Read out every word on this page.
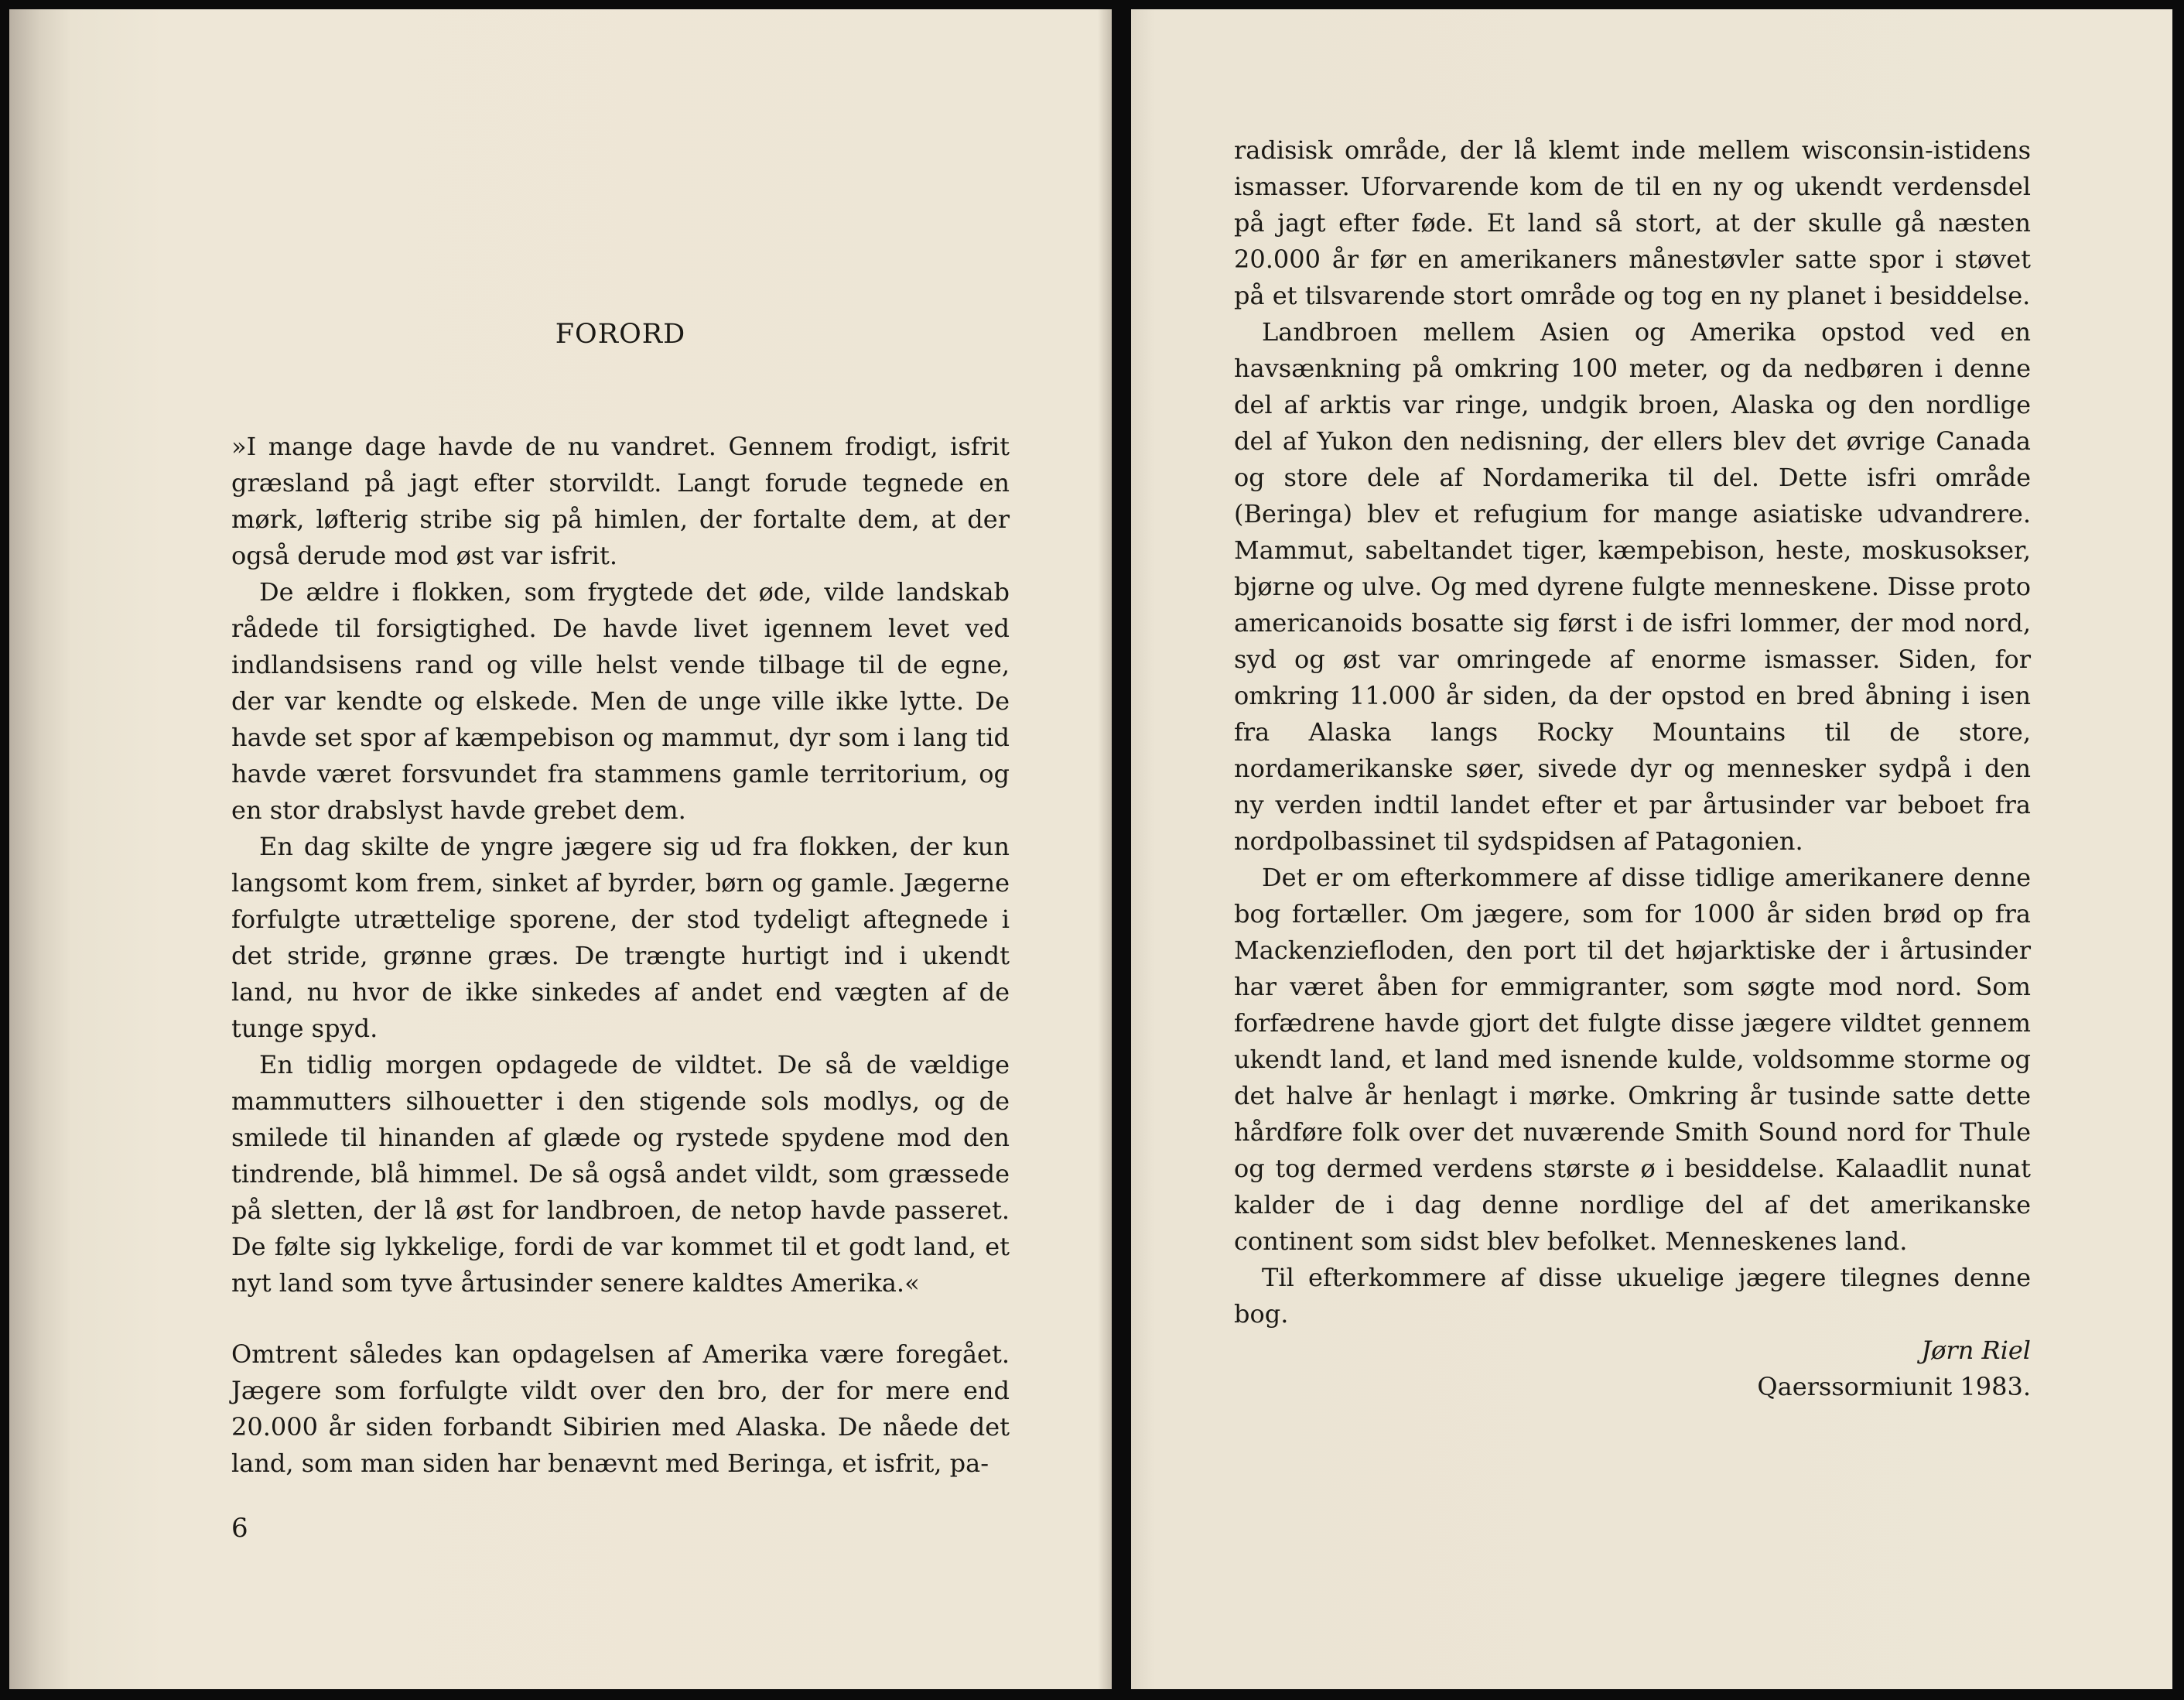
FORORD

»I mange dage havde de nu vandret. Gennem frodigt, isfrit græsland på jagt efter storvildt. Langt forude tegnede en mørk, løfterig stribe sig på himlen, der fortalte dem, at der også derude mod øst var isfrit.

De ældre i flokken, som frygtede det øde, vilde landskab rådede til forsigtighed. De havde livet igennem levet ved indlandsisens rand og ville helst vende tilbage til de egne, der var kendte og elskede. Men de unge ville ikke lytte. De havde set spor af kæmpebison og mammut, dyr som i lang tid havde været forsvundet fra stammens gamle territorium, og en stor drabslyst havde grebet dem.

En dag skilte de yngre jægere sig ud fra flokken, der kun langsomt kom frem, sinket af byrder, børn og gamle. Jægerne forfulgte utrættelige sporene, der stod tydeligt aftegnede i det stride, grønne græs. De trængte hurtigt ind i ukendt land, nu hvor de ikke sinkedes af andet end vægten af de tunge spyd.

En tidlig morgen opdagede de vildtet. De så de vældige mammutters silhouetter i den stigende sols modlys, og de smilede til hinanden af glæde og rystede spydene mod den tindrende, blå himmel. De så også andet vildt, som græssede på sletten, der lå øst for landbroen, de netop havde passeret. De følte sig lykkelige, fordi de var kommet til et godt land, et nyt land som tyve årtusinder senere kaldtes Amerika.«

Omtrent således kan opdagelsen af Amerika være foregået. Jægere som forfulgte vildt over den bro, der for mere end 20.000 år siden forbandt Sibirien med Alaska. De nåede det land, som man siden har benævnt med Beringa, et isfrit, pa-

6

radisisk område, der lå klemt inde mellem wisconsin-istidens ismasser. Uforvarende kom de til en ny og ukendt verdensdel på jagt efter føde. Et land så stort, at der skulle gå næsten 20.000 år før en amerikaners månestøvler satte spor i støvet på et tilsvarende stort område og tog en ny planet i besiddelse.

Landbroen mellem Asien og Amerika opstod ved en havsænkning på omkring 100 meter, og da nedbøren i denne del af arktis var ringe, undgik broen, Alaska og den nordlige del af Yukon den nedisning, der ellers blev det øvrige Canada og store dele af Nordamerika til del. Dette isfri område (Beringa) blev et refugium for mange asiatiske udvandrere. Mammut, sabeltandet tiger, kæmpebison, heste, moskusokser, bjørne og ulve. Og med dyrene fulgte menneskene. Disse proto americanoids bosatte sig først i de isfri lommer, der mod nord, syd og øst var omringede af enorme ismasser. Siden, for omkring 11.000 år siden, da der opstod en bred åbning i isen fra Alaska langs Rocky Mountains til de store, nordamerikanske søer, sivede dyr og mennesker sydpå i den ny verden indtil landet efter et par årtusinder var beboet fra nordpolbassinet til sydspidsen af Patagonien.

Det er om efterkommere af disse tidlige amerikanere denne bog fortæller. Om jægere, som for 1000 år siden brød op fra Mackenziefloden, den port til det højarktiske der i årtusinder har været åben for emmigranter, som søgte mod nord. Som forfædrene havde gjort det fulgte disse jægere vildtet gennem ukendt land, et land med isnende kulde, voldsomme storme og det halve år henlagt i mørke. Omkring år tusinde satte dette hårdføre folk over det nuværende Smith Sound nord for Thule og tog dermed verdens største ø i besiddelse. Kalaadlit nunat kalder de i dag denne nordlige del af det amerikanske continent som sidst blev befolket. Menneskenes land.

Til efterkommere af disse ukuelige jægere tilegnes denne bog.

Jørn Riel

Qaerssormiunit 1983.
